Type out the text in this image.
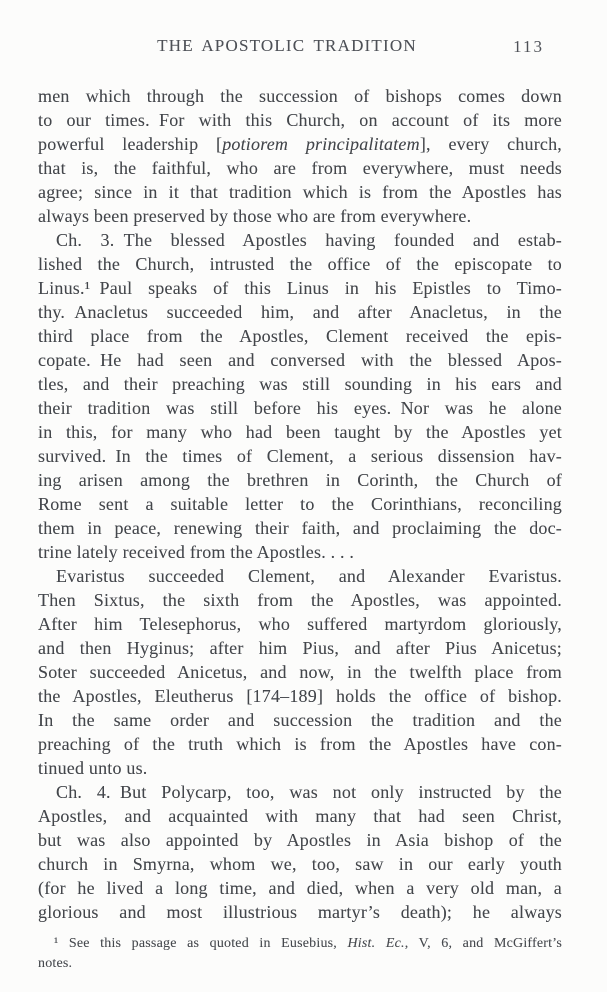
THE APOSTOLIC TRADITION	113
men which through the succession of bishops comes down
to our times. For with this Church, on account of its more
powerful leadership [potiorem principalitatem], every church,
that is, the faithful, who are from everywhere, must needs
agree; since in it that tradition which is from the Apostles has
always been preserved by those who are from everywhere.
Ch. 3. The blessed Apostles having founded and estab-
lished the Church, intrusted the office of the episcopate to
Linus.¹ Paul speaks of this Linus in his Epistles to Timo-
thy. Anacletus succeeded him, and after Anacletus, in the
third place from the Apostles, Clement received the epis-
copate. He had seen and conversed with the blessed Apos-
tles, and their preaching was still sounding in his ears and
their tradition was still before his eyes. Nor was he alone
in this, for many who had been taught by the Apostles yet
survived. In the times of Clement, a serious dissension hav-
ing arisen among the brethren in Corinth, the Church of
Rome sent a suitable letter to the Corinthians, reconciling
them in peace, renewing their faith, and proclaiming the doc-
trine lately received from the Apostles. . . .
Evaristus succeeded Clement, and Alexander Evaristus.
Then Sixtus, the sixth from the Apostles, was appointed.
After him Telesephorus, who suffered martyrdom gloriously,
and then Hyginus; after him Pius, and after Pius Anicetus;
Soter succeeded Anicetus, and now, in the twelfth place from
the Apostles, Eleutherus [174–189] holds the office of bishop.
In the same order and succession the tradition and the
preaching of the truth which is from the Apostles have con-
tinued unto us.
Ch. 4. But Polycarp, too, was not only instructed by the
Apostles, and acquainted with many that had seen Christ,
but was also appointed by Apostles in Asia bishop of the
church in Smyrna, whom we, too, saw in our early youth
(for he lived a long time, and died, when a very old man, a
glorious and most illustrious martyr’s death); he always
¹ See this passage as quoted in Eusebius, Hist. Ec., V, 6, and McGiffert’s
notes.
